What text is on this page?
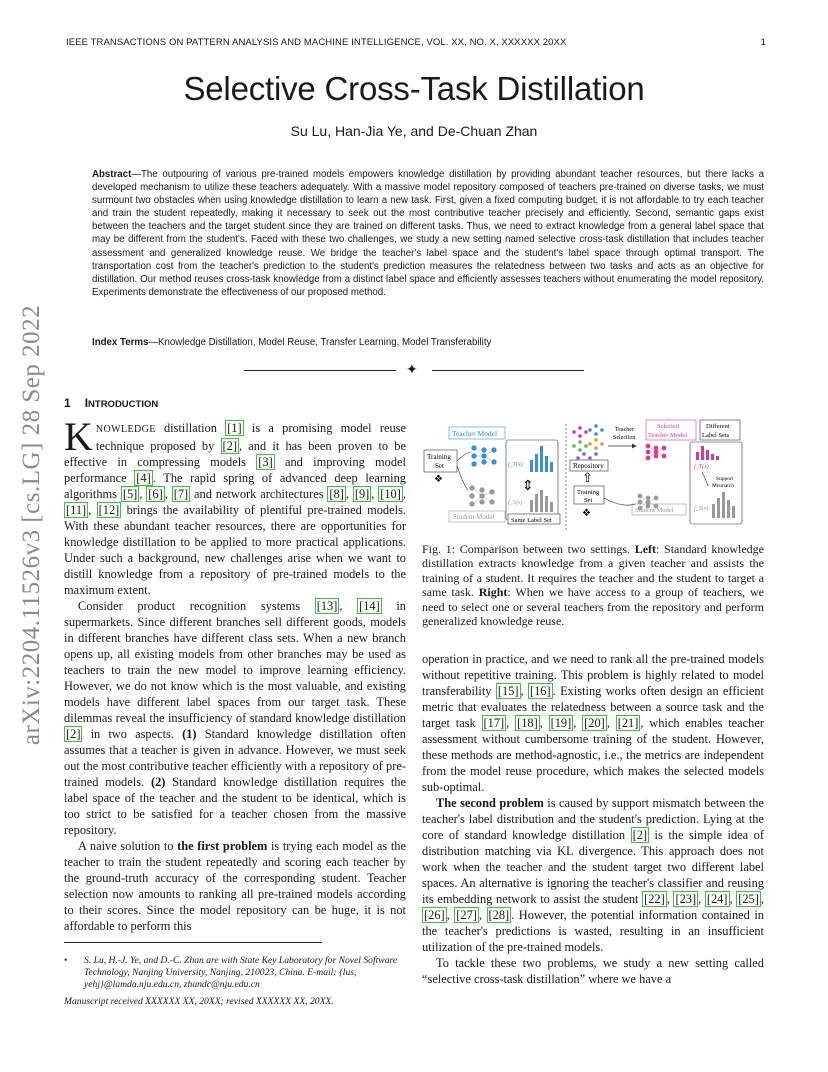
IEEE TRANSACTIONS ON PATTERN ANALYSIS AND MACHINE INTELLIGENCE, VOL. XX, NO. X, XXXXXX 20XX	1
arXiv:2204.11526v3 [cs.LG] 28 Sep 2022
Selective Cross-Task Distillation
Su Lu, Han-Jia Ye, and De-Chuan Zhan
Abstract—The outpouring of various pre-trained models empowers knowledge distillation by providing abundant teacher resources, but there lacks a developed mechanism to utilize these teachers adequately. With a massive model repository composed of teachers pre-trained on diverse tasks, we must surmount two obstacles when using knowledge distillation to learn a new task. First, given a fixed computing budget, it is not affordable to try each teacher and train the student repeatedly, making it necessary to seek out the most contributive teacher precisely and efficiently. Second, semantic gaps exist between the teachers and the target student since they are trained on different tasks. Thus, we need to extract knowledge from a general label space that may be different from the student's. Faced with these two challenges, we study a new setting named selective cross-task distillation that includes teacher assessment and generalized knowledge reuse. We bridge the teacher's label space and the student's label space through optimal transport. The transportation cost from the teacher's prediction to the student's prediction measures the relatedness between two tasks and acts as an objective for distillation. Our method reuses cross-task knowledge from a distinct label space and efficiently assesses teachers without enumerating the model repository. Experiments demonstrate the effectiveness of our proposed method.
Index Terms—Knowledge Distillation, Model Reuse, Transfer Learning, Model Transferability
✦
1 INTRODUCTION

KNOWLEDGE distillation [1] is a promising model reuse technique proposed by [2] , and it has been proven to be effective in compressing models [3] and improving model performance [4] . The rapid spring of advanced deep learning algorithms [5] , [6] , [7] and network architectures [8] , [9] , [10] , [11] , [12] brings the availability of plentiful pre-trained models. With these abundant teacher resources, there are opportunities for knowledge distillation to be applied to more practical applications. Under such a background, new challenges arise when we want to distill knowledge from a repository of pre-trained models to the maximum extent.

Consider product recognition systems [13] , [14] in supermarkets. Since different branches sell different goods, models in different branches have different class sets. When a new branch opens up, all existing models from other branches may be used as teachers to train the new model to improve learning efficiency. However, we do not know which is the most valuable, and existing models have different label spaces from our target task. These dilemmas reveal the insufficiency of standard knowledge distillation [2] in two aspects. (1) Standard knowledge distillation often assumes that a teacher is given in advance. However, we must seek out the most contributive teacher efficiently with a repository of pre-trained models. (2) Standard knowledge distillation requires the label space of the teacher and the student to be identical, which is too strict to be satisfied for a teacher chosen from the massive repository.

A naive solution to the first problem is trying each model as the teacher to train the student repeatedly and scoring each teacher by the ground-truth accuracy of the corresponding student. Teacher selection now amounts to ranking all pre-trained models according to their scores. Since the model repository can be huge, it is not affordable to perform this

• S. Lu, H.-J. Ye, and D.-C. Zhan are with State Key Laboratory for Novel Software Technology, Nanjing University, Nanjing, 210023, China. E-mail: {lus, yehj}@lamda.nju.edu.cn, zhandc@nju.edu.cn
Manuscript received XXXXXX XX, 20XX; revised XXXXXX XX, 20XX.
Teacher Model
Training
Set
❖
Student Model
f_T(x)
f_S(x)
⇕
Same Label Set
Repository
Teacher
Selection
⇧
Training
Set
❖
Selected
Teacher Model
Different
Label Sets
f_T(x)
Support
Mismatch
f_S(x)
Student Model
Fig. 1: Comparison between two settings. Left: Standard knowledge distillation extracts knowledge from a given teacher and assists the training of a student. It requires the teacher and the student to target a same task. Right: When we have access to a group of teachers, we need to select one or several teachers from the repository and perform generalized knowledge reuse.

operation in practice, and we need to rank all the pre-trained models without repetitive training. This problem is highly related to model transferability [15] , [16] . Existing works often design an efficient metric that evaluates the relatedness between a source task and the target task [17] , [18] , [19] , [20] , [21] , which enables teacher assessment without cumbersome training of the student. However, these methods are method-agnostic, i.e., the metrics are independent from the model reuse procedure, which makes the selected models sub-optimal.

The second problem is caused by support mismatch between the teacher's label distribution and the student's prediction. Lying at the core of standard knowledge distillation [2] is the simple idea of distribution matching via KL divergence. This approach does not work when the teacher and the student target two different label spaces. An alternative is ignoring the teacher's classifier and reusing its embedding network to assist the student [22] , [23] , [24] , [25] , [26] , [27] , [28] . However, the potential information contained in the teacher's predictions is wasted, resulting in an insufficient utilization of the pre-trained models.

To tackle these two problems, we study a new setting called “selective cross-task distillation” where we have a
